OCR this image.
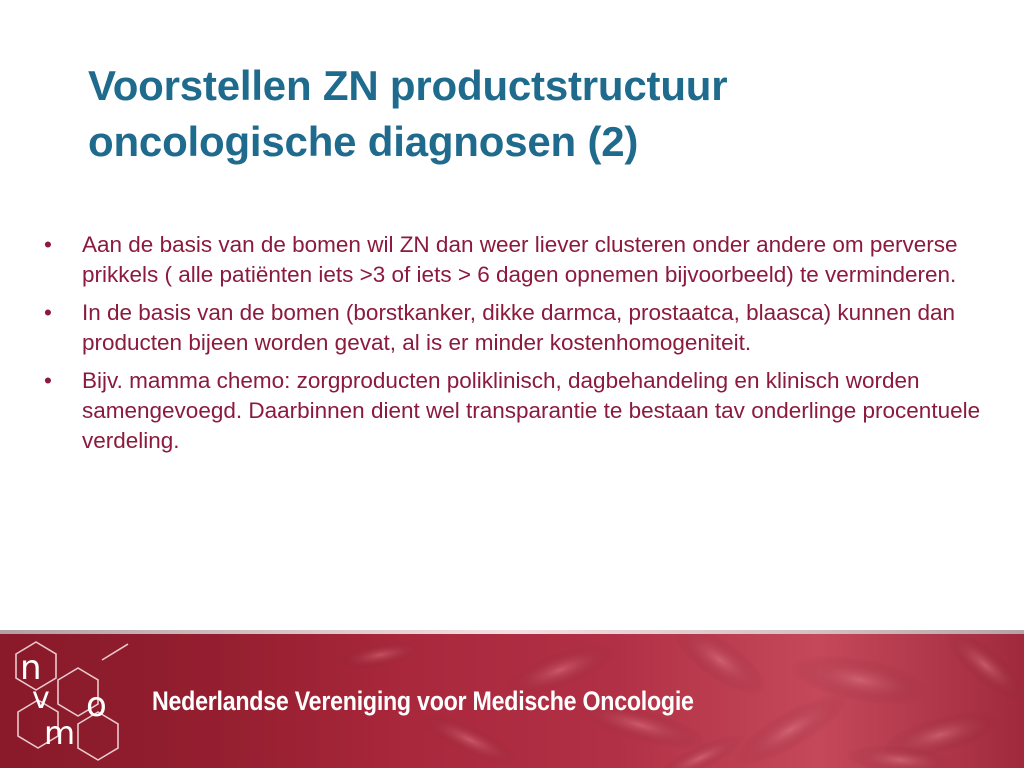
Voorstellen ZN productstructuur
oncologische diagnosen (2)
• Aan de basis van de bomen wil ZN dan weer liever clusteren onder andere om perverse prikkels ( alle patiënten iets >3 of iets > 6 dagen opnemen bijvoorbeeld) te verminderen.
• In de basis van de bomen (borstkanker, dikke darmca, prostaatca, blaasca) kunnen dan producten bijeen worden gevat, al is er minder kostenhomogeniteit.
• Bijv. mamma chemo: zorgproducten poliklinisch, dagbehandeling en klinisch worden samengevoegd. Daarbinnen dient wel transparantie te bestaan tav onderlinge procentuele verdeling.
n
v
m
o Nederlandse Vereniging voor Medische Oncologie
